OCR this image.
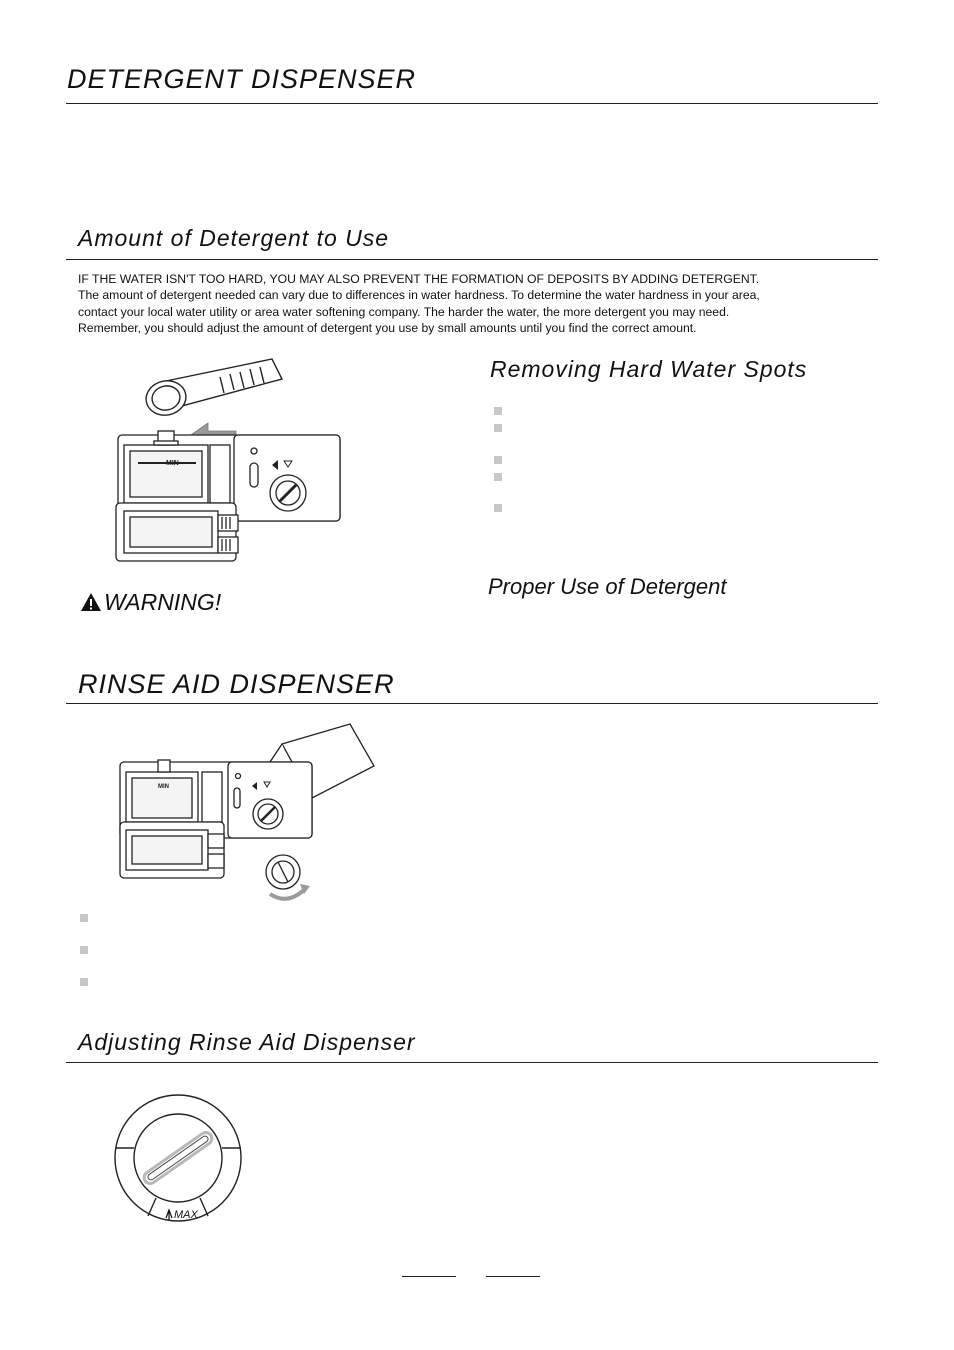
DETERGENT DISPENSER
Amount of Detergent to Use
IF THE WATER ISN'T TOO HARD, YOU MAY ALSO PREVENT THE FORMATION OF DEPOSITS BY ADDING DETERGENT.
The amount of detergent needed can vary due to differences in water hardness. To determine the water hardness in your area,
contact your local water utility or area water softening company. The harder the water, the more detergent you may need.
Remember, you should adjust the amount of detergent you use by small amounts until you find the correct amount.
MIN
Removing Hard Water Spots
Proper Use of Detergent
WARNING!
RINSE AID DISPENSER
MIN
Adjusting Rinse Aid Dispenser
MAX
